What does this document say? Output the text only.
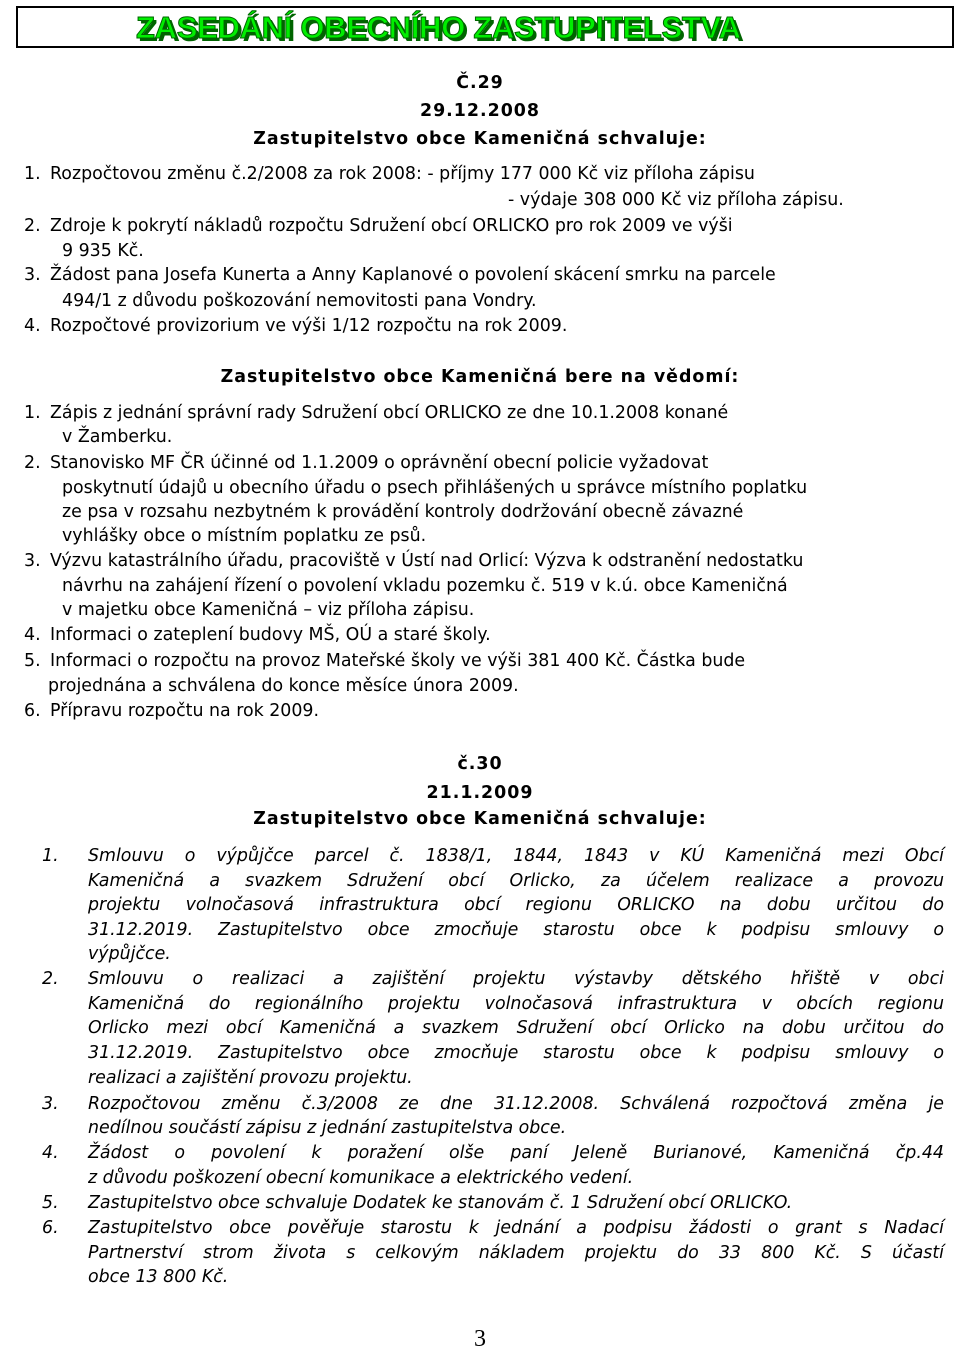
ZASEDÁNÍ OBECNÍHO ZASTUPITELSTVA
Č.29
29.12.2008
Zastupitelstvo obce Kameničná schvaluje:
1. Rozpočtovou změnu č.2/2008 za rok 2008: - příjmy 177 000 Kč viz příloha zápisu
- výdaje 308 000 Kč viz příloha zápisu.
2. Zdroje k pokrytí nákladů rozpočtu Sdružení obcí ORLICKO pro rok 2009 ve výši
9 935 Kč.
3. Žádost pana Josefa Kunerta a Anny Kaplanové o povolení skácení smrku na parcele
494/1 z důvodu poškozování nemovitosti pana Vondry.
4. Rozpočtové provizorium ve výši 1/12 rozpočtu na rok 2009.
Zastupitelstvo obce Kameničná bere na vědomí:
1. Zápis z jednání správní rady Sdružení obcí ORLICKO ze dne 10.1.2008 konané
v Žamberku.
2. Stanovisko MF ČR účinné od 1.1.2009 o oprávnění obecní policie vyžadovat
poskytnutí údajů u obecního úřadu o psech přihlášených u správce místního poplatku
ze psa v rozsahu nezbytném k provádění kontroly dodržování obecně závazné
vyhlášky obce o místním poplatku ze psů.
3. Výzvu katastrálního úřadu, pracoviště v Ústí nad Orlicí: Výzva k odstranění nedostatku
návrhu na zahájení řízení o povolení vkladu pozemku č. 519 v k.ú. obce Kameničná
v majetku obce Kameničná – viz příloha zápisu.
4. Informaci o zateplení budovy MŠ, OÚ a staré školy.
5. Informaci o rozpočtu na provoz Mateřské školy ve výši 381 400 Kč. Částka bude
projednána a schválena do konce měsíce února 2009.
6. Přípravu rozpočtu na rok 2009.
č.30
21.1.2009
Zastupitelstvo obce Kameničná schvaluje:
1. Smlouvu o výpůjčce parcel č. 1838/1, 1844, 1843 v KÚ Kameničná mezi Obcí
Kameničná a svazkem Sdružení obcí Orlicko, za účelem realizace a provozu
projektu volnočasová infrastruktura obcí regionu ORLICKO na dobu určitou do
31.12.2019. Zastupitelstvo obce zmocňuje starostu obce k podpisu smlouvy o
výpůjčce.
2. Smlouvu o realizaci a zajištění projektu výstavby dětského hřiště v obci
Kameničná do regionálního projektu volnočasová infrastruktura v obcích regionu
Orlicko mezi obcí Kameničná a svazkem Sdružení obcí Orlicko na dobu určitou do
31.12.2019. Zastupitelstvo obce zmocňuje starostu obce k podpisu smlouvy o
realizaci a zajištění provozu projektu.
3. Rozpočtovou změnu č.3/2008 ze dne 31.12.2008. Schválená rozpočtová změna je
nedílnou součástí zápisu z jednání zastupitelstva obce.
4. Žádost o povolení k poražení olše paní Jeleně Burianové, Kameničná čp.44
z důvodu poškození obecní komunikace a elektrického vedení.
5. Zastupitelstvo obce schvaluje Dodatek ke stanovám č. 1 Sdružení obcí ORLICKO.
6. Zastupitelstvo obce pověřuje starostu k jednání a podpisu žádosti o grant s Nadací
Partnerství strom života s celkovým nákladem projektu do 33 800 Kč. S účastí
obce 13 800 Kč.
3
